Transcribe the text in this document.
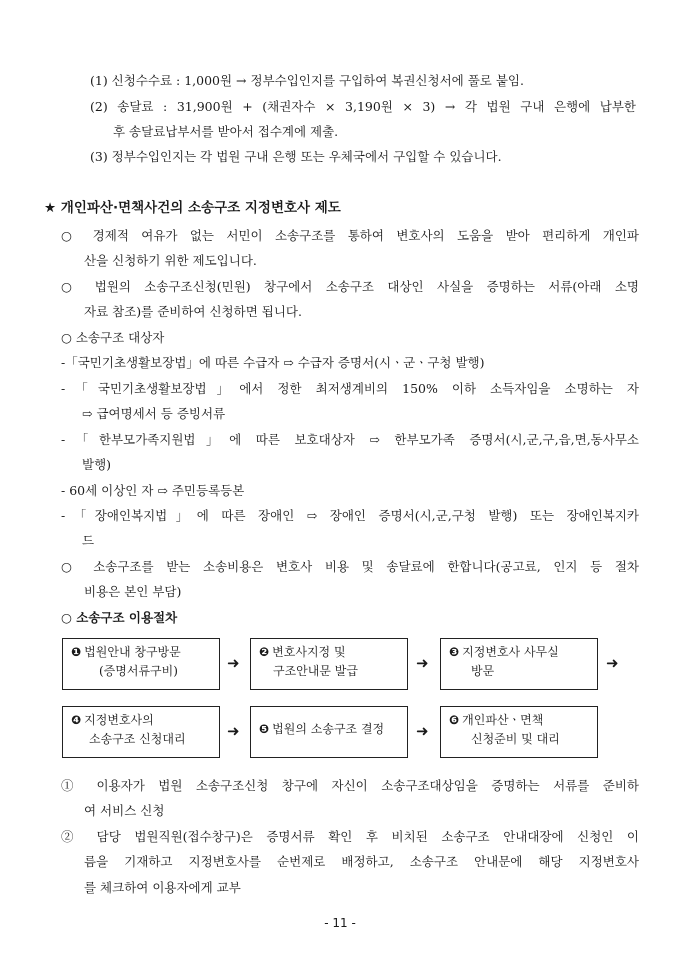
(1) 신청수수료 : 1,000원 → 정부수입인지를 구입하여 복권신청서에 풀로 붙임.
(2) 송달료 : 31,900원 + (채권자수 × 3,190원 × 3) → 각 법원 구내 은행에 납부한
후 송달료납부서를 받아서 접수계에 제출.
(3) 정부수입인지는 각 법원 구내 은행 또는 우체국에서 구입할 수 있습니다.
★ 개인파산·면책사건의 소송구조 지정변호사 제도
○ 경제적 여유가 없는 서민이 소송구조를 통하여 변호사의 도움을 받아 편리하게 개인파
산을 신청하기 위한 제도입니다.
○ 법원의 소송구조신청(민원) 창구에서 소송구조 대상인 사실을 증명하는 서류(아래 소명
자료 참조)를 준비하여 신청하면 됩니다.
○ 소송구조 대상자
-「국민기초생활보장법」에 따른 수급자 ⇨ 수급자 증명서(시ㆍ군ㆍ구청 발행)
-「국민기초생활보장법」에서 정한 최저생계비의 150% 이하 소득자임을 소명하는 자
⇨ 급여명세서 등 증빙서류
-「한부모가족지원법」에 따른 보호대상자 ⇨ 한부모가족 증명서(시,군,구,읍,면,동사무소
발행)
- 60세 이상인 자 ⇨ 주민등록등본
-「장애인복지법」에 따른 장애인 ⇨ 장애인 증명서(시,군,구청 발행) 또는 장애인복지카
드
○ 소송구조를 받는 소송비용은 변호사 비용 및 송달료에 한합니다(공고료, 인지 등 절차
비용은 본인 부담)
○ 소송구조 이용절차
❶ 법원안내 창구방문
(증명서류구비)	➜
❷ 변호사지정 및
구조안내문 발급	➜
❸ 지정변호사 사무실
방문	➜
❹ 지정변호사의
소송구조 신청대리	➜	❺ 법원의 소송구조 결정	➜
❻ 개인파산ㆍ면책
신청준비 및 대리
① 이용자가 법원 소송구조신청 창구에 자신이 소송구조대상임을 증명하는 서류를 준비하
여 서비스 신청
② 담당 법원직원(접수창구)은 증명서류 확인 후 비치된 소송구조 안내대장에 신청인 이
름을 기재하고 지정변호사를 순번제로 배정하고, 소송구조 안내문에 해당 지정변호사
를 체크하여 이용자에게 교부
- 11 -
